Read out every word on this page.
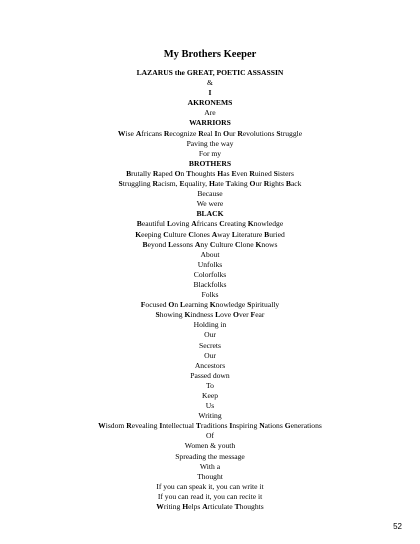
My Brothers Keeper
LAZARUS the GREAT, POETIC ASSASSIN
&
I
AKRONEMS
Are
WARRIORS
Wise Africans Recognize Real In Our Revolutions Struggle
Paving the way
For my
BROTHERS
Brutally Raped On Thoughts Has Even Ruined Sisters
Struggling Racism, Equality, Hate Taking Our Rights Back
Because
We were
BLACK
Beautiful Loving Africans Creating Knowledge
Keeping Culture Clones Away Literature Buried
Beyond Lessons Any Culture Clone Knows
About
Unfolks
Colorfolks
Blackfolks
Folks
Focused On Learning Knowledge Spiritually
Showing Kindness Love Over Fear
Holding in
Our
Secrets
Our
Ancestors
Passed down
To
Keep
Us
Writing
Wisdom Revealing Intellectual Traditions Inspiring Nations Generations
Of
Women & youth
Spreading the message
With a
Thought
If you can speak it, you can write it
If you can read it, you can recite it
Writing Helps Articulate Thoughts
52
